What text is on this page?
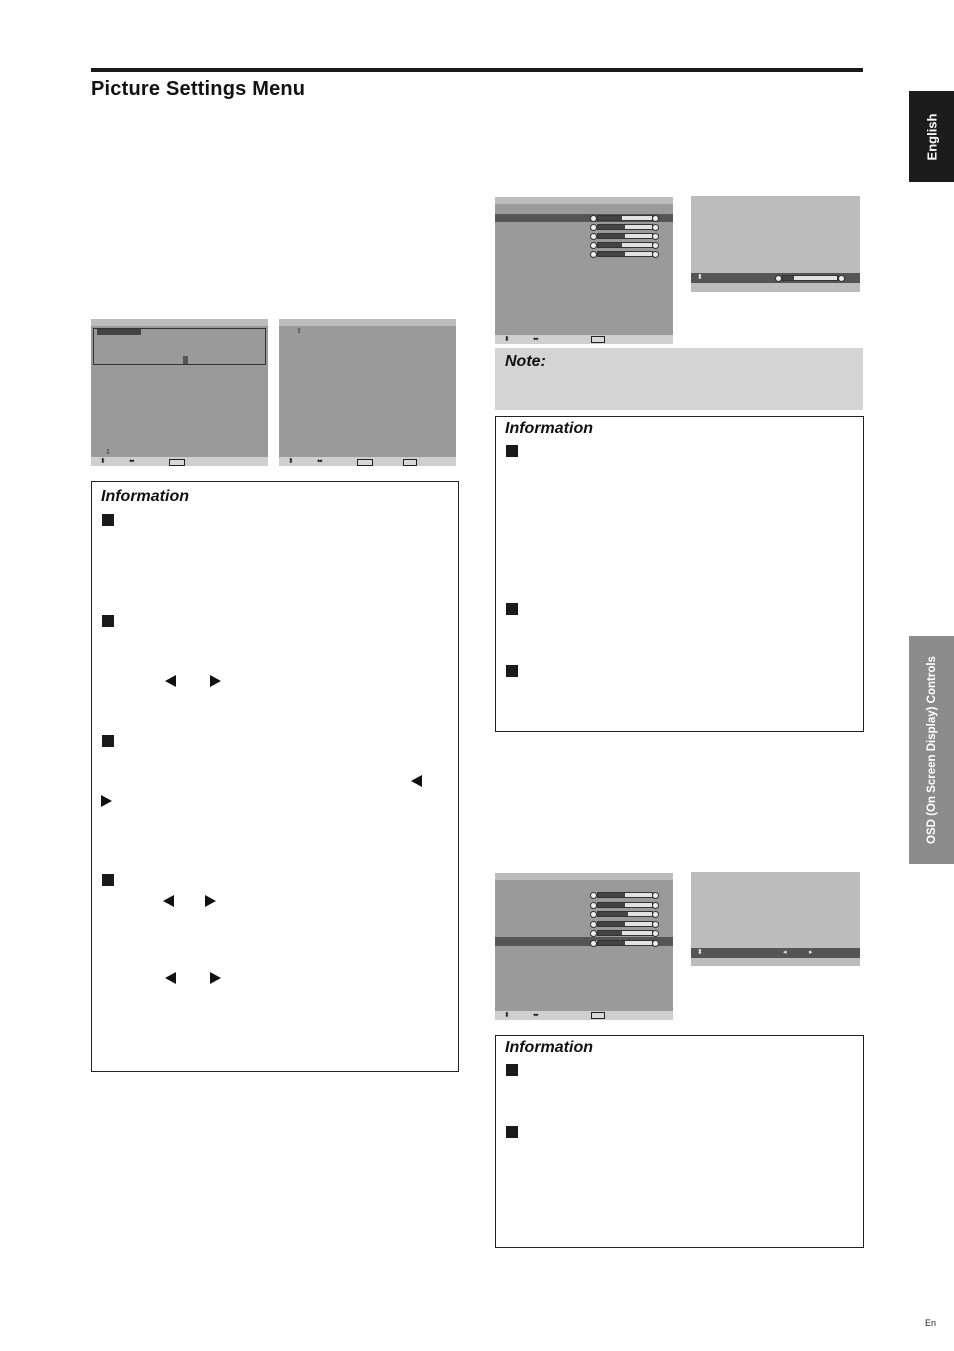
Picture Settings Menu
English
OSD (On Screen Display) Controls
⇩
⬍	⬌
⇧
⬍	⬌
Information
⬍	⬌
⬍
Note:
Information
⬍	⬌
⬍	◂	▸
Information
En
